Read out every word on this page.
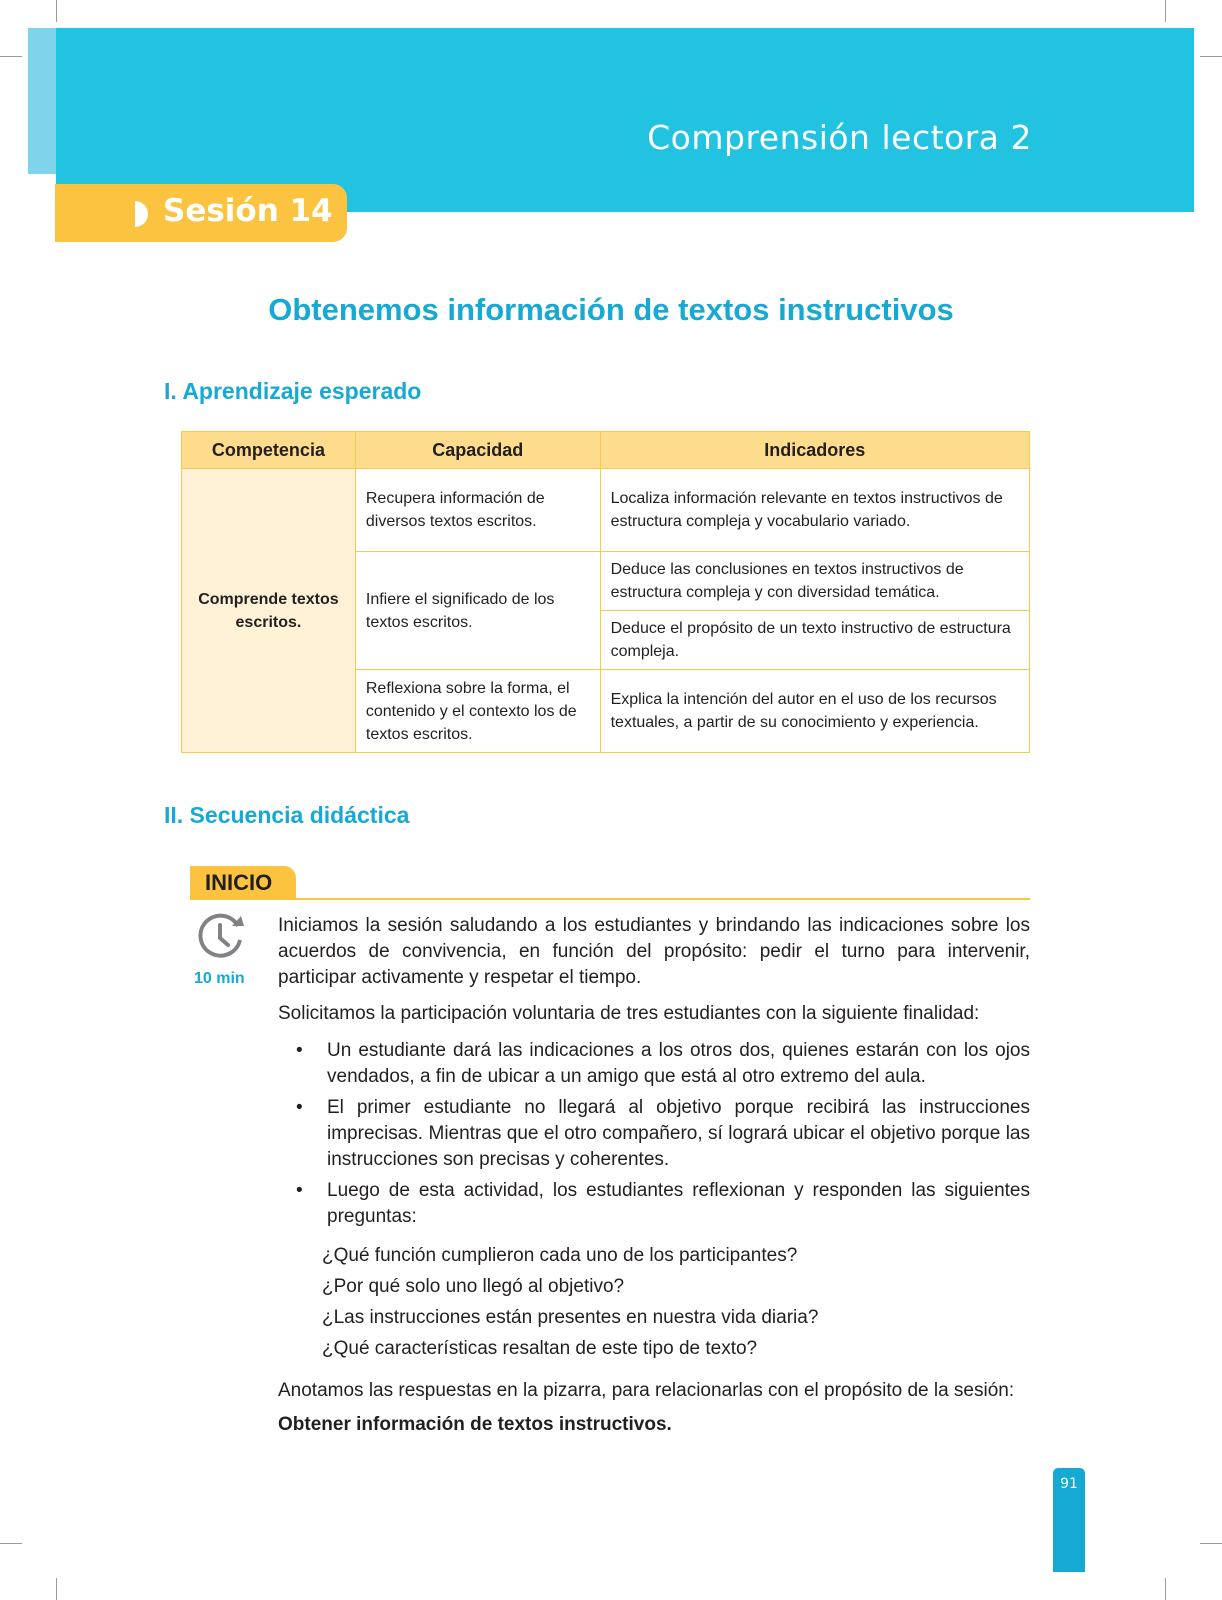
Comprensión lectora 2
Sesión 14
Obtenemos información de textos instructivos
I. Aprendizaje esperado
Competencia	Capacidad	Indicadores
Comprende textos escritos.	Recupera información de diversos textos escritos.	Localiza información relevante en textos instructivos de estructura compleja y vocabulario variado.
	Infiere el significado de los textos escritos.	Deduce las conclusiones en textos instructivos de estructura compleja y con diversidad temática.
		Deduce el propósito de un texto instructivo de estructura compleja.
	Reflexiona sobre la forma, el contenido y el contexto los de textos escritos.	Explica la intención del autor en el uso de los recursos textuales, a partir de su conocimiento y experiencia.
II. Secuencia didáctica
INICIO
10 min
Iniciamos la sesión saludando a los estudiantes y brindando las indicaciones sobre los acuerdos de convivencia, en función del propósito: pedir el turno para intervenir, participar activamente y respetar el tiempo.
Solicitamos la participación voluntaria de tres estudiantes con la siguiente finalidad:
• Un estudiante dará las indicaciones a los otros dos, quienes estarán con los ojos vendados, a fin de ubicar a un amigo que está al otro extremo del aula.
• El primer estudiante no llegará al objetivo porque recibirá las instrucciones imprecisas. Mientras que el otro compañero, sí logrará ubicar el objetivo porque las instrucciones son precisas y coherentes.
• Luego de esta actividad, los estudiantes reflexionan y responden las siguientes preguntas:
¿Qué función cumplieron cada uno de los participantes?
¿Por qué solo uno llegó al objetivo?
¿Las instrucciones están presentes en nuestra vida diaria?
¿Qué características resaltan de este tipo de texto?
Anotamos las respuestas en la pizarra, para relacionarlas con el propósito de la sesión:
Obtener información de textos instructivos.
91
